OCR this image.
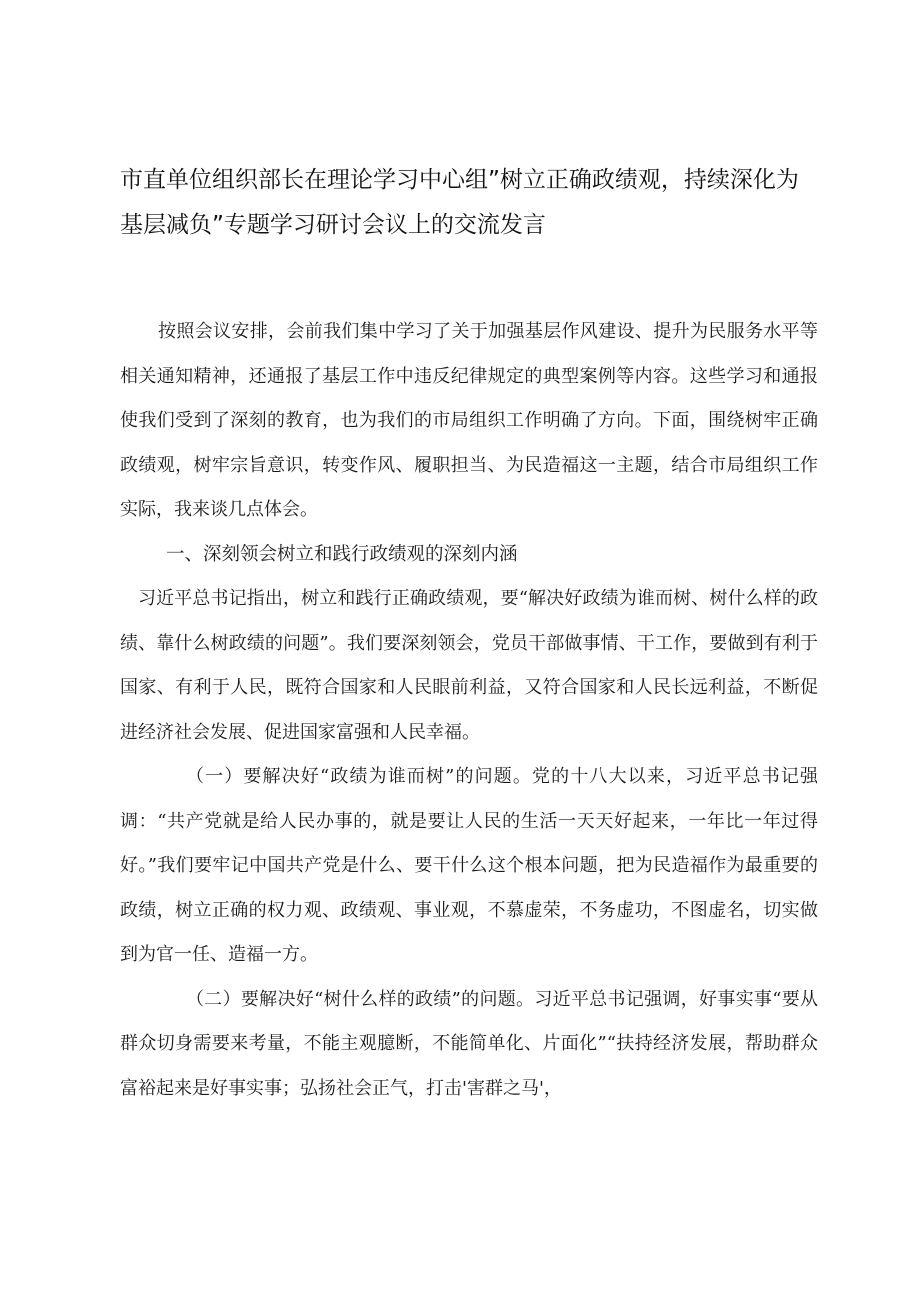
市直单位组织部长在理论学习中心组”树立正确政绩观，持续深化为基层减负”专题学习研讨会议上的交流发言

按照会议安排，会前我们集中学习了关于加强基层作风建设、提升为民服务水平等相关通知精神，还通报了基层工作中违反纪律规定的典型案例等内容。这些学习和通报使我们受到了深刻的教育，也为我们的市局组织工作明确了方向。下面，围绕树牢正确政绩观，树牢宗旨意识，转变作风、履职担当、为民造福这一主题，结合市局组织工作实际，我来谈几点体会。

一、深刻领会树立和践行政绩观的深刻内涵

习近平总书记指出，树立和践行正确政绩观，要“解决好政绩为谁而树、树什么样的政绩、靠什么树政绩的问题”。我们要深刻领会，党员干部做事情、干工作，要做到有利于国家、有利于人民，既符合国家和人民眼前利益，又符合国家和人民长远利益，不断促进经济社会发展、促进国家富强和人民幸福。

（一）要解决好“政绩为谁而树”的问题。党的十八大以来，习近平总书记强调：“共产党就是给人民办事的，就是要让人民的生活一天天好起来，一年比一年过得好。”我们要牢记中国共产党是什么、要干什么这个根本问题，把为民造福作为最重要的政绩，树立正确的权力观、政绩观、事业观，不慕虚荣，不务虚功，不图虚名，切实做到为官一任、造福一方。

（二）要解决好“树什么样的政绩”的问题。习近平总书记强调，好事实事“要从群众切身需要来考量，不能主观臆断，不能简单化、片面化”“扶持经济发展，帮助群众富裕起来是好事实事；弘扬社会正气，打击'害群之马'，
